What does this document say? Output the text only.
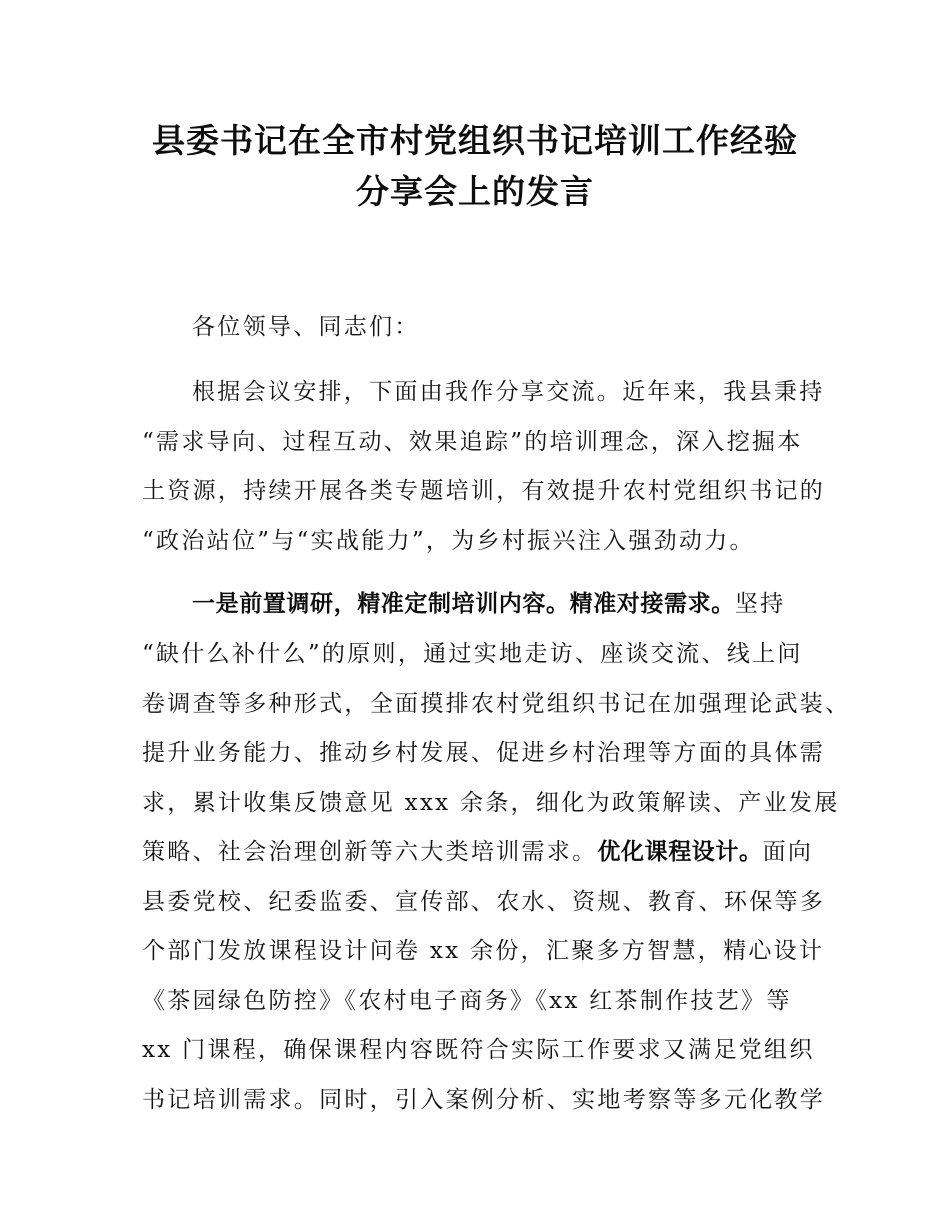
县委书记在全市村党组织书记培训工作经验
分享会上的发言
各位领导、同志们：
根据会议安排，下面由我作分享交流。近年来，我县秉持
“需求导向、过程互动、效果追踪”的培训理念，深入挖掘本
土资源，持续开展各类专题培训，有效提升农村党组织书记的
“政治站位”与“实战能力”，为乡村振兴注入强劲动力。
一是前置调研，精准定制培训内容。精准对接需求。坚持
“缺什么补什么”的原则，通过实地走访、座谈交流、线上问
卷调查等多种形式，全面摸排农村党组织书记在加强理论武装、
提升业务能力、推动乡村发展、促进乡村治理等方面的具体需
求，累计收集反馈意见 xxx 余条，细化为政策解读、产业发展
策略、社会治理创新等六大类培训需求。优化课程设计。面向
县委党校、纪委监委、宣传部、农水、资规、教育、环保等多
个部门发放课程设计问卷 xx 余份，汇聚多方智慧，精心设计
《茶园绿色防控》《农村电子商务》《xx 红茶制作技艺》等
xx 门课程，确保课程内容既符合实际工作要求又满足党组织
书记培训需求。同时，引入案例分析、实地考察等多元化教学
